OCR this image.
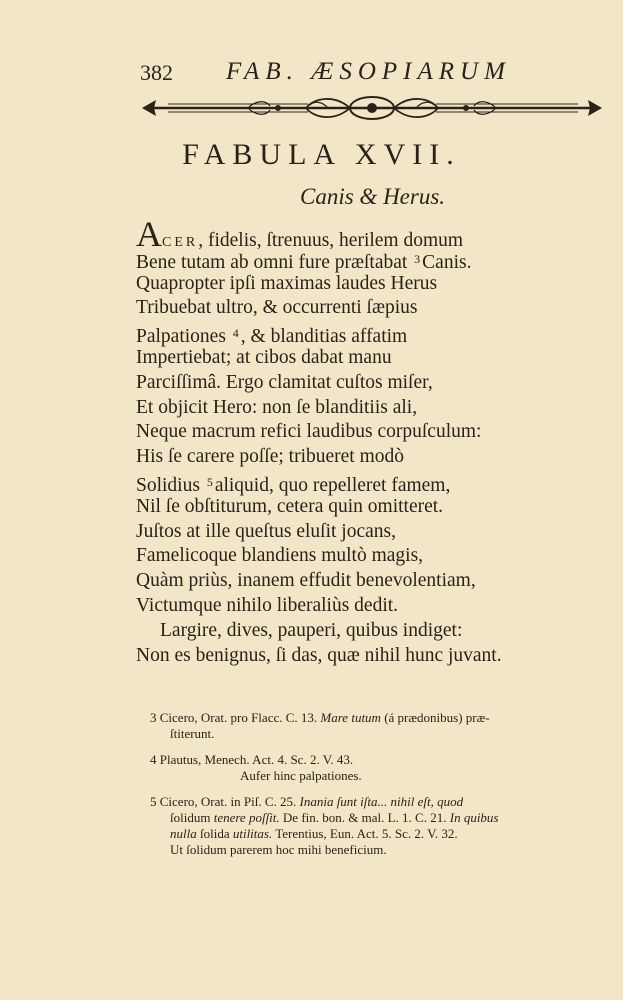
382 FAB. ÆSOPIARUM
FABULA XVII.
Canis & Herus.
ACER, fidelis, ſtrenuus, herilem domum
Bene tutam ab omni fure præſtabat $^3$ Canis.
Quapropter ipſi maximas laudes Herus
Tribuebat ultro, & occurrenti ſæpius
Palpationes $^4$ , & blanditias affatim
Impertiebat; at cibos dabat manu
Parciſſimâ. Ergo clamitat cuſtos miſer,
Et objicit Hero: non ſe blanditiis ali,
Neque macrum refici laudibus corpuſculum:
His ſe carere poſſe; tribueret modò
Solidius $^5$ aliquid, quo repelleret famem,
Nil ſe obſtiturum, cetera quin omitteret.
Juſtos at ille queſtus eluſit jocans,
Famelicoque blandiens multò magis,
Quàm priùs, inanem effudit benevolentiam,
Victumque nihilo liberaliùs dedit.
Largire, dives, pauperi, quibus indiget:
Non es benignus, ſi das, quæ nihil hunc juvant.
3 Cicero, Orat. pro Flacc. C. 13. Mare tutum (á prædonibus) præ-
ſtiterunt.
4 Plautus, Menech. Act. 4. Sc. 2. V. 43.
Aufer hinc palpationes.
5 Cicero, Orat. in Piſ. C. 25. Inania ſunt iſta... nihil eſt, quod
ſolidum tenere poſſit. De fin. bon. & mal. L. 1. C. 21. In quibus
nulla ſolida utilitas. Terentius, Eun. Act. 5. Sc. 2. V. 32.
Ut ſolidum parerem hoc mihi beneficium.
